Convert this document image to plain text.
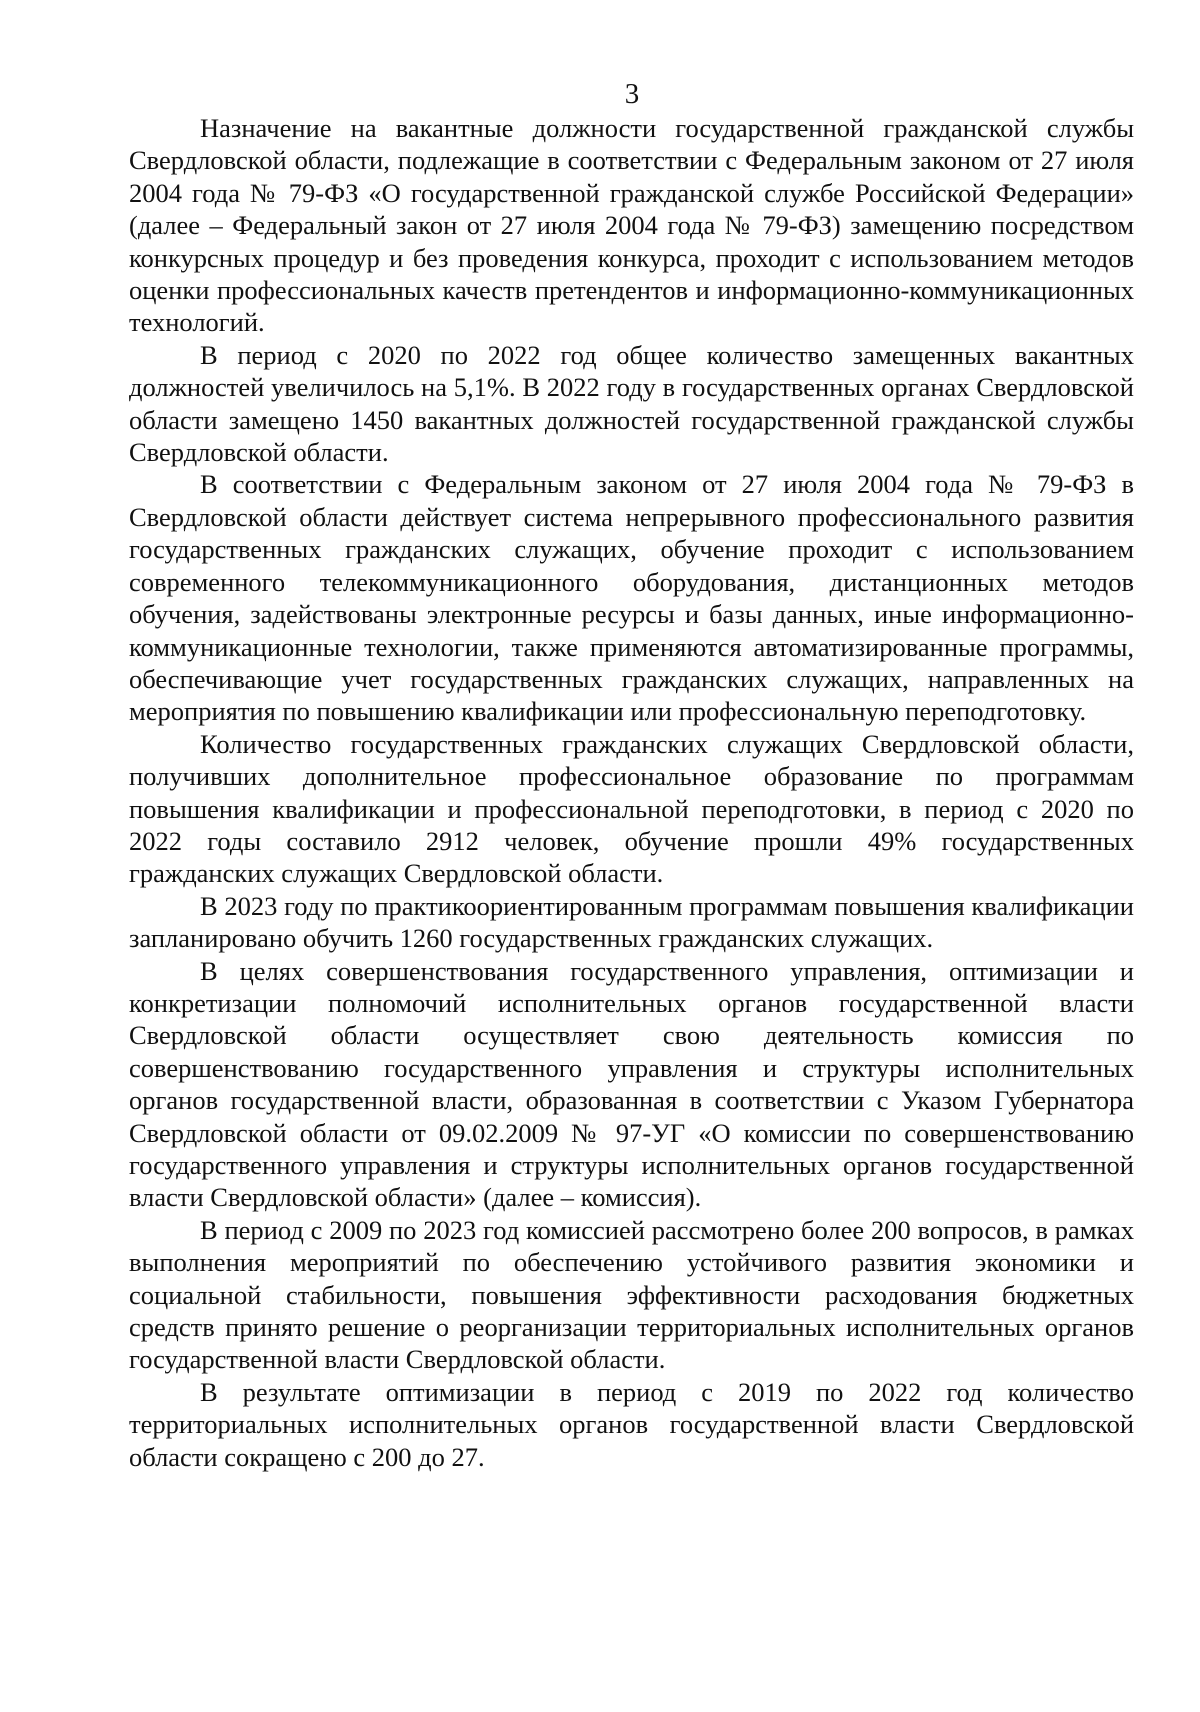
3

Назначение на вакантные должности государственной гражданской службы Свердловской области, подлежащие в соответствии с Федеральным законом от 27 июля 2004 года № 79-ФЗ «О государственной гражданской службе Российской Федерации» (далее – Федеральный закон от 27 июля 2004 года № 79-ФЗ) замещению посредством конкурсных процедур и без проведения конкурса, проходит с использованием методов оценки профессиональных качеств претендентов и информационно-коммуникационных технологий.

В период с 2020 по 2022 год общее количество замещенных вакантных должностей увеличилось на 5,1%. В 2022 году в государственных органах Свердловской области замещено 1450 вакантных должностей государственной гражданской службы Свердловской области.

В соответствии с Федеральным законом от 27 июля 2004 года № 79-ФЗ в Свердловской области действует система непрерывного профессионального развития государственных гражданских служащих, обучение проходит с использованием современного телекоммуникационного оборудования, дистанционных методов обучения, задействованы электронные ресурсы и базы данных, иные информационно-коммуникационные технологии, также применяются автоматизированные программы, обеспечивающие учет государственных гражданских служащих, направленных на мероприятия по повышению квалификации или профессиональную переподготовку.

Количество государственных гражданских служащих Свердловской области, получивших дополнительное профессиональное образование по программам повышения квалификации и профессиональной переподготовки, в период с 2020 по 2022 годы составило 2912 человек, обучение прошли 49% государственных гражданских служащих Свердловской области.

В 2023 году по практикоориентированным программам повышения квалификации запланировано обучить 1260 государственных гражданских служащих.

В целях совершенствования государственного управления, оптимизации и конкретизации полномочий исполнительных органов государственной власти Свердловской области осуществляет свою деятельность комиссия по совершенствованию государственного управления и структуры исполнительных органов государственной власти, образованная в соответствии с Указом Губернатора Свердловской области от 09.02.2009 № 97-УГ «О комиссии по совершенствованию государственного управления и структуры исполнительных органов государственной власти Свердловской области» (далее – комиссия).

В период с 2009 по 2023 год комиссией рассмотрено более 200 вопросов, в рамках выполнения мероприятий по обеспечению устойчивого развития экономики и социальной стабильности, повышения эффективности расходования бюджетных средств принято решение о реорганизации территориальных исполнительных органов государственной власти Свердловской области.

В результате оптимизации в период с 2019 по 2022 год количество территориальных исполнительных органов государственной власти Свердловской области сокращено с 200 до 27.
